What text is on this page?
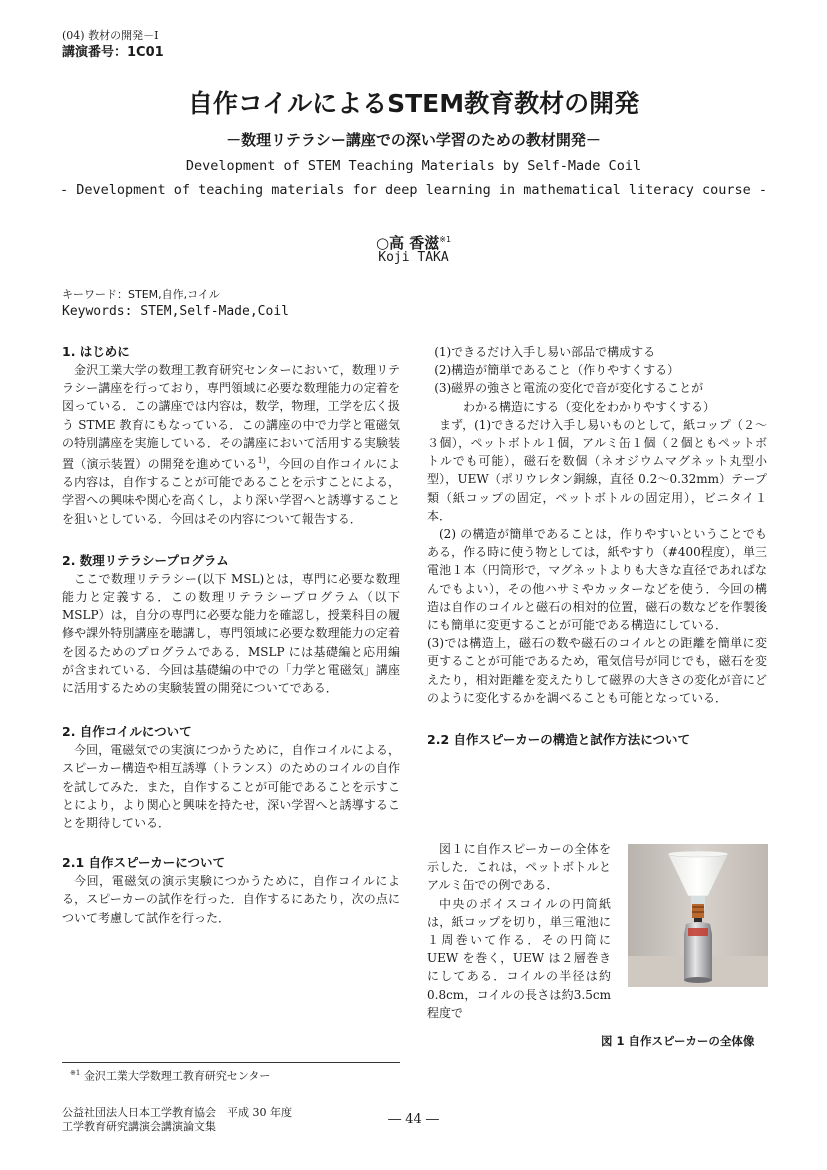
(04) 教材の開発－Ⅰ
講演番号：1C01
自作コイルによるSTEM教育教材の開発
－数理リテラシー講座での深い学習のための教材開発－
Development of STEM Teaching Materials by Self-Made Coil
- Development of teaching materials for deep learning in mathematical literacy course -
○高 香滋$^{※1}$
Koji TAKA
キーワード：STEM,自作,コイル
Keywords: STEM,Self-Made,Coil
1. はじめに

金沢工業大学の数理工教育研究センターにおいて，数理リテラシー講座を行っており，専門領域に必要な数理能力の定着を図っている．この講座では内容は，数学，物理，工学を広く扱う STME 教育にもなっている．この講座の中で力学と電磁気の特別講座を実施している．その講座において活用する実験装置（演示装置）の開発を進めている$^{1)}$，今回の自作コイルによる内容は，自作することが可能であることを示すことによる，学習への興味や関心を高くし，より深い学習へと誘導することを狙いとしている．今回はその内容について報告する．

2. 数理リテラシープログラム

ここで数理リテラシー(以下 MSL)とは，専門に必要な数理能力と定義する．この数理リテラシープログラム（以下 MSLP）は，自分の専門に必要な能力を確認し，授業科目の履修や課外特別講座を聴講し，専門領域に必要な数理能力の定着を図るためのプログラムである．MSLP には基礎編と応用編が含まれている．今回は基礎編の中での「力学と電磁気」講座に活用するための実験装置の開発についてである．

2. 自作コイルについて

今回，電磁気での実演につかうために，自作コイルによる，スピーカー構造や相互誘導（トランス）のためのコイルの自作を試してみた．また，自作することが可能であることを示すことにより，より関心と興味を持たせ，深い学習へと誘導することを期待している．

2.1 自作スピーカーについて

今回，電磁気の演示実験につかうために，自作コイルによる，スピーカーの試作を行った．自作するにあたり，次の点について考慮して試作を行った．

(1)できるだけ入手し易い部品で構成する
(2)構造が簡単であること（作りやすくする）
(3)磁界の強さと電流の変化で音が変化することが
わかる構造にする（変化をわかりやすくする）

まず，(1)できるだけ入手し易いものとして，紙コップ（２～３個），ペットボトル１個，アルミ缶１個（２個ともペットボトルでも可能），磁石を数個（ネオジウムマグネット丸型小型），UEW（ポリウレタン銅線，直径 0.2～0.32mm）テープ類（紙コップの固定，ペットボトルの固定用），ビニタイ１本．

(2) の構造が簡単であることは，作りやすいということでもある，作る時に使う物としては，紙やすり（#400程度），単三電池１本（円筒形で，マグネットよりも大きな直径であればなんでもよい），その他ハサミやカッターなどを使う．今回の構造は自作のコイルと磁石の相対的位置，磁石の数などを作製後にも簡単に変更することが可能である構造にしている．

(3)では構造上，磁石の数や磁石のコイルとの距離を簡単に変更することが可能であるため，電気信号が同じでも，磁石を変えたり，相対距離を変えたりして磁界の大きさの変化が音にどのように変化するかを調べることも可能となっている．

2.2 自作スピーカーの構造と試作方法について

図１に自作スピーカーの全体を示した．これは，ペットボトルとアルミ缶での例である．

中央のボイスコイルの円筒紙は，紙コップを切り，単三電池に１周巻いて作る．その円筒に UEW を巻く，UEW は２層巻きにしてある．コイルの半径は約 0.8cm，コイルの長さは約3.5cm程度で

図 1 自作スピーカーの全体像
$^{※1}$ 金沢工業大学数理工教育研究センター
公益社団法人日本工学教育協会　平成 30 年度
工学教育研究講演会講演論文集	― 44 ―
